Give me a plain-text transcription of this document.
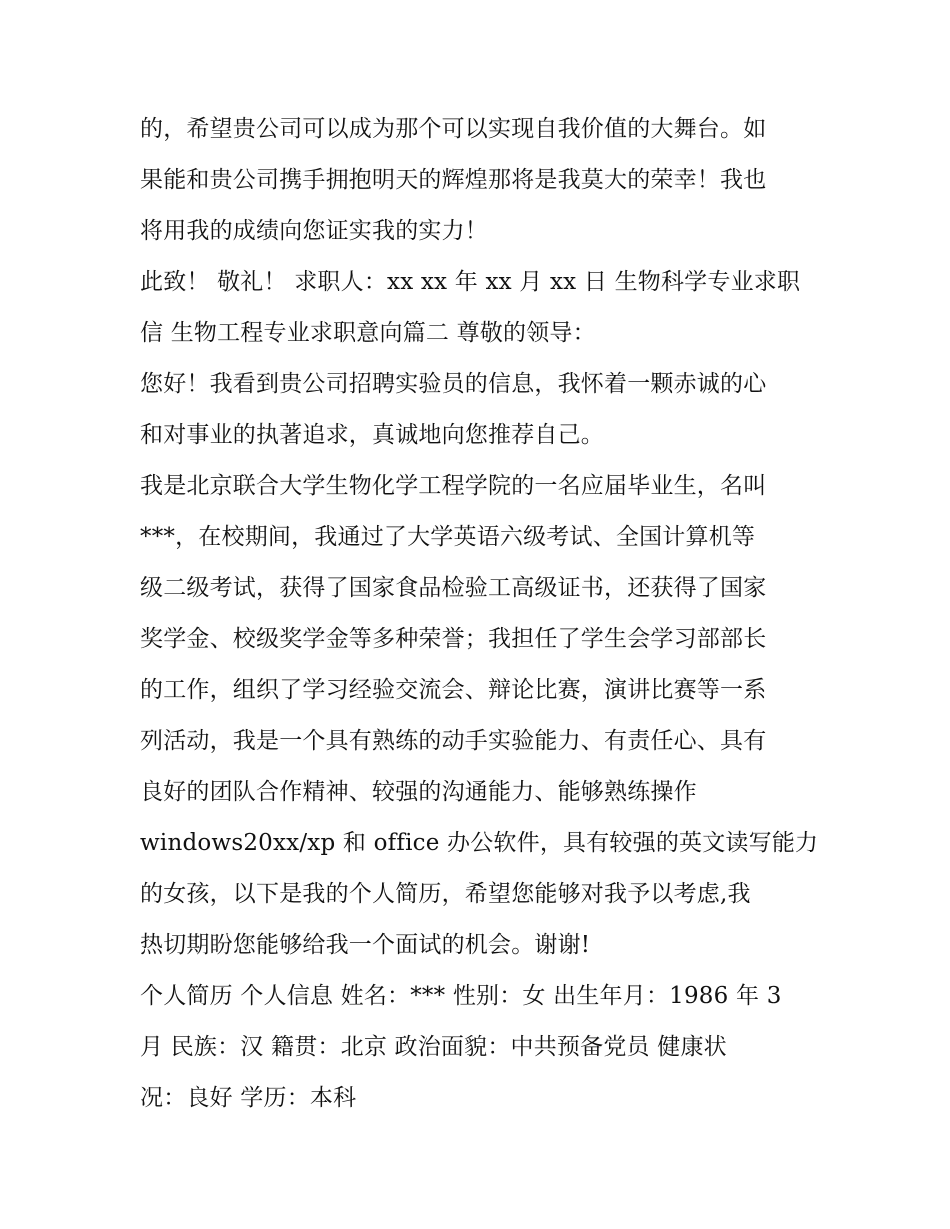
的，希望贵公司可以成为那个可以实现自我价值的大舞台。如
果能和贵公司携手拥抱明天的辉煌那将是我莫大的荣幸！我也
将用我的成绩向您证实我的实力！
此致！ 敬礼！ 求职人：xx xx 年 xx 月 xx 日 生物科学专业求职
信 生物工程专业求职意向篇二 尊敬的领导：
您好！我看到贵公司招聘实验员的信息，我怀着一颗赤诚的心
和对事业的执著追求，真诚地向您推荐自己。
我是北京联合大学生物化学工程学院的一名应届毕业生，名叫
***，在校期间，我通过了大学英语六级考试、全国计算机等
级二级考试，获得了国家食品检验工高级证书，还获得了国家
奖学金、校级奖学金等多种荣誉；我担任了学生会学习部部长
的工作，组织了学习经验交流会、辩论比赛，演讲比赛等一系
列活动，我是一个具有熟练的动手实验能力、有责任心、具有
良好的团队合作精神、较强的沟通能力、能够熟练操作
windows20xx/xp 和 office 办公软件，具有较强的英文读写能力
的女孩，以下是我的个人简历，希望您能够对我予以考虑,我
热切期盼您能够给我一个面试的机会。谢谢!
个人简历 个人信息 姓名：*** 性别：女 出生年月：1986 年 3
月 民族：汉 籍贯：北京 政治面貌：中共预备党员 健康状
况：良好 学历：本科
